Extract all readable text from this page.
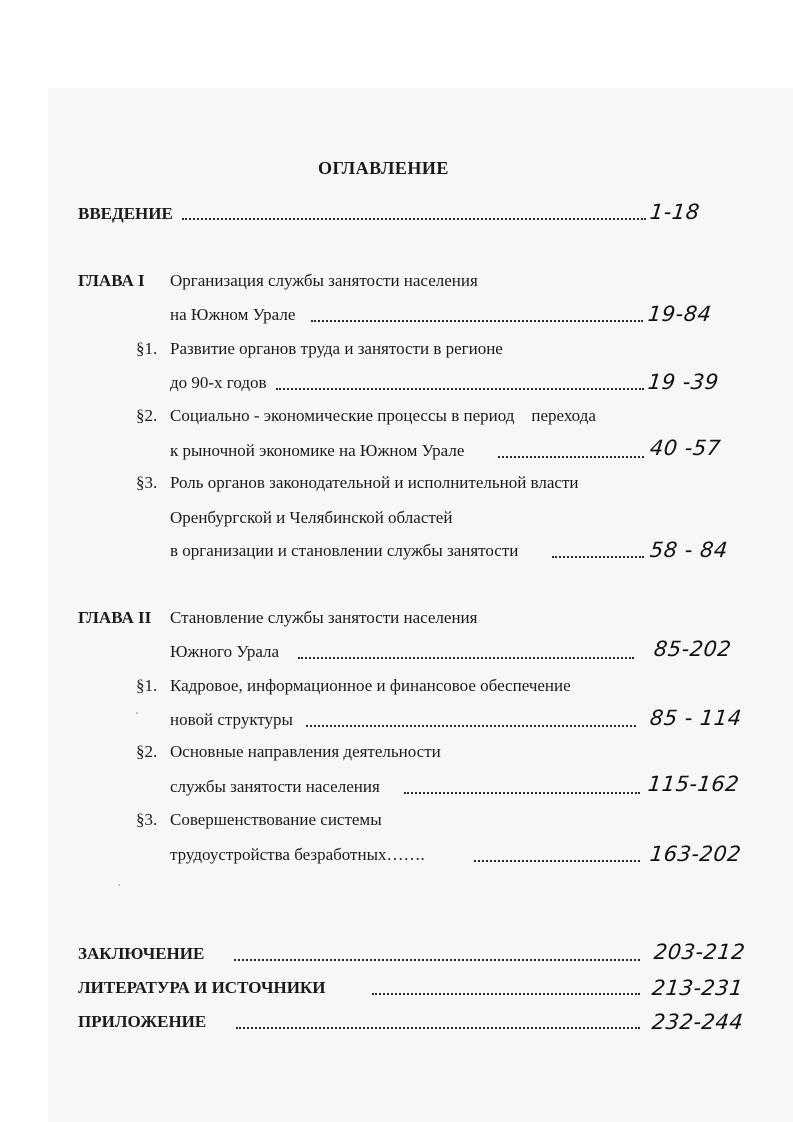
ОГЛАВЛЕНИЕ
ВВЕДЕНИЕ	1-18
ГЛАВА I Организация службы занятости населения
на Южном Урале	19-84
§1. Развитие органов труда и занятости в регионе
до 90-х годов	19 -39
§2. Социально - экономические процессы в период    перехода
к рыночной экономике на Южном Урале	40 -57
§3. Роль органов законодательной и исполнительной власти
Оренбургской и Челябинской областей
в организации и становлении службы занятости	58 - 84
ГЛАВА II Становление службы занятости населения
Южного Урала	85-202
§1. Кадровое, информационное и финансовое обеспечение
новой структуры	85 - 114
§2. Основные направления деятельности
службы занятости населения	115-162
§3. Совершенствование системы
трудоустройства безработных…….	163-202
ЗАКЛЮЧЕНИЕ	203-212
ЛИТЕРАТУРА И ИСТОЧНИКИ	213-231
ПРИЛОЖЕНИЕ	232-244
